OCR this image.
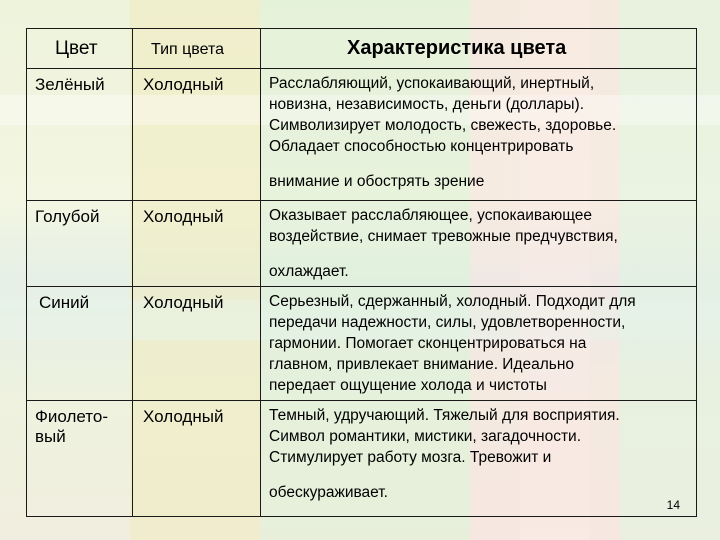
Цвет	Тип цвета	Характеристика цвета

Зелёный	Холодный	Расслабляющий, успокаивающий, инертный,
новизна, независимость, деньги (доллары).
Символизирует молодость, свежесть, здоровье.
Обладает способностью концентрировать
внимание и обострять зрение

Голубой	Холодный	Оказывает расслабляющее, успокаивающее
воздействие, снимает тревожные предчувствия,
охлаждает.

Синий	Холодный	Серьезный, сдержанный, холодный. Подходит для
передачи надежности, силы, удовлетворенности,
гармонии. Помогает сконцентрироваться на
главном, привлекает внимание. Идеально
передает ощущение холода и чистоты

Фиолето-
вый	Холодный	Темный, удручающий. Тяжелый для восприятия.
Символ романтики, мистики, загадочности.
Стимулирует работу мозга. Тревожит и
обескураживает.
14
